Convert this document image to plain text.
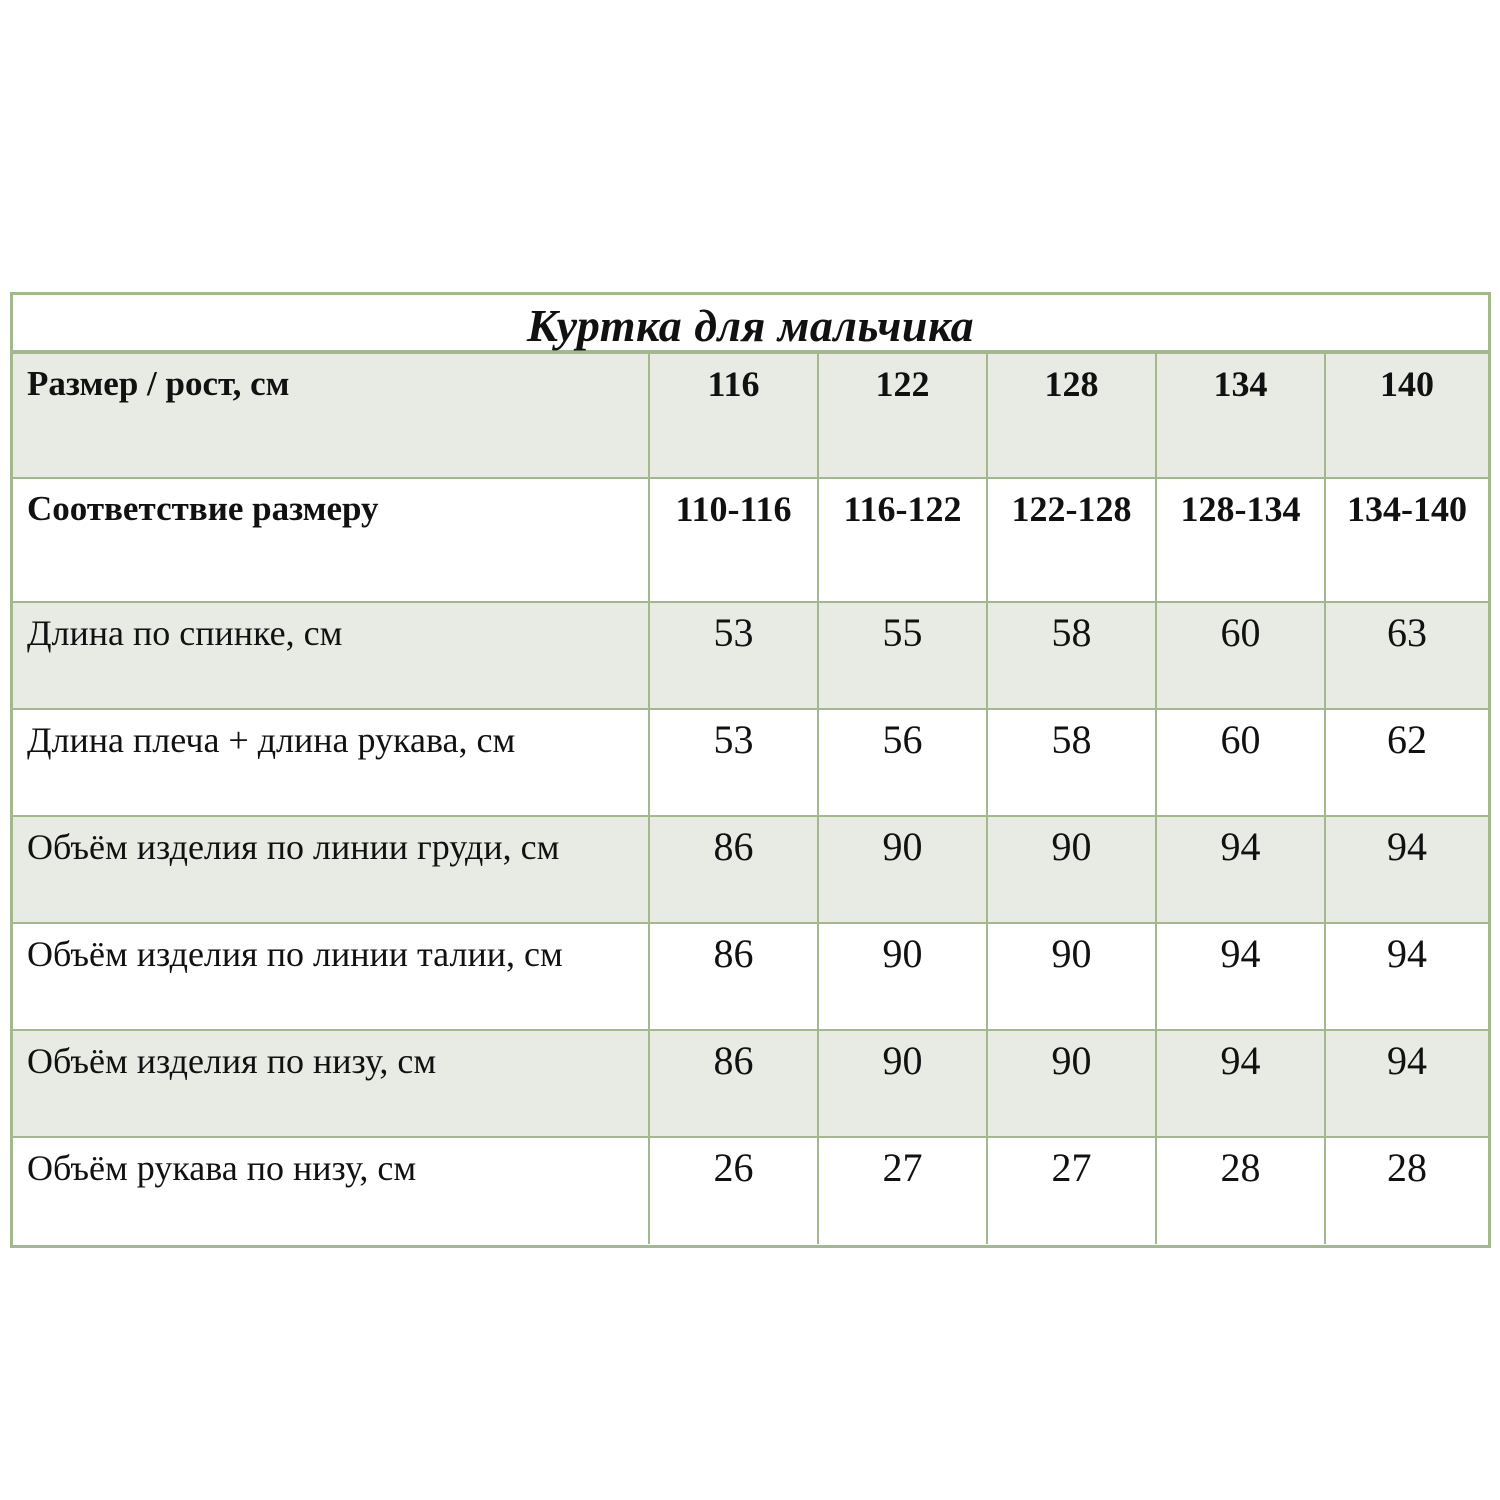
Куртка для мальчика
Размер / рост, см	116	122	128	134	140
Соответствие размеру	110-116	116-122	122-128	128-134	134-140
Длина по спинке, см	53	55	58	60	63
Длина плеча + длина рукава, см	53	56	58	60	62
Объём изделия по линии груди, см	86	90	90	94	94
Объём изделия по линии талии, см	86	90	90	94	94
Объём изделия по низу, см	86	90	90	94	94
Объём рукава по низу, см	26	27	27	28	28
